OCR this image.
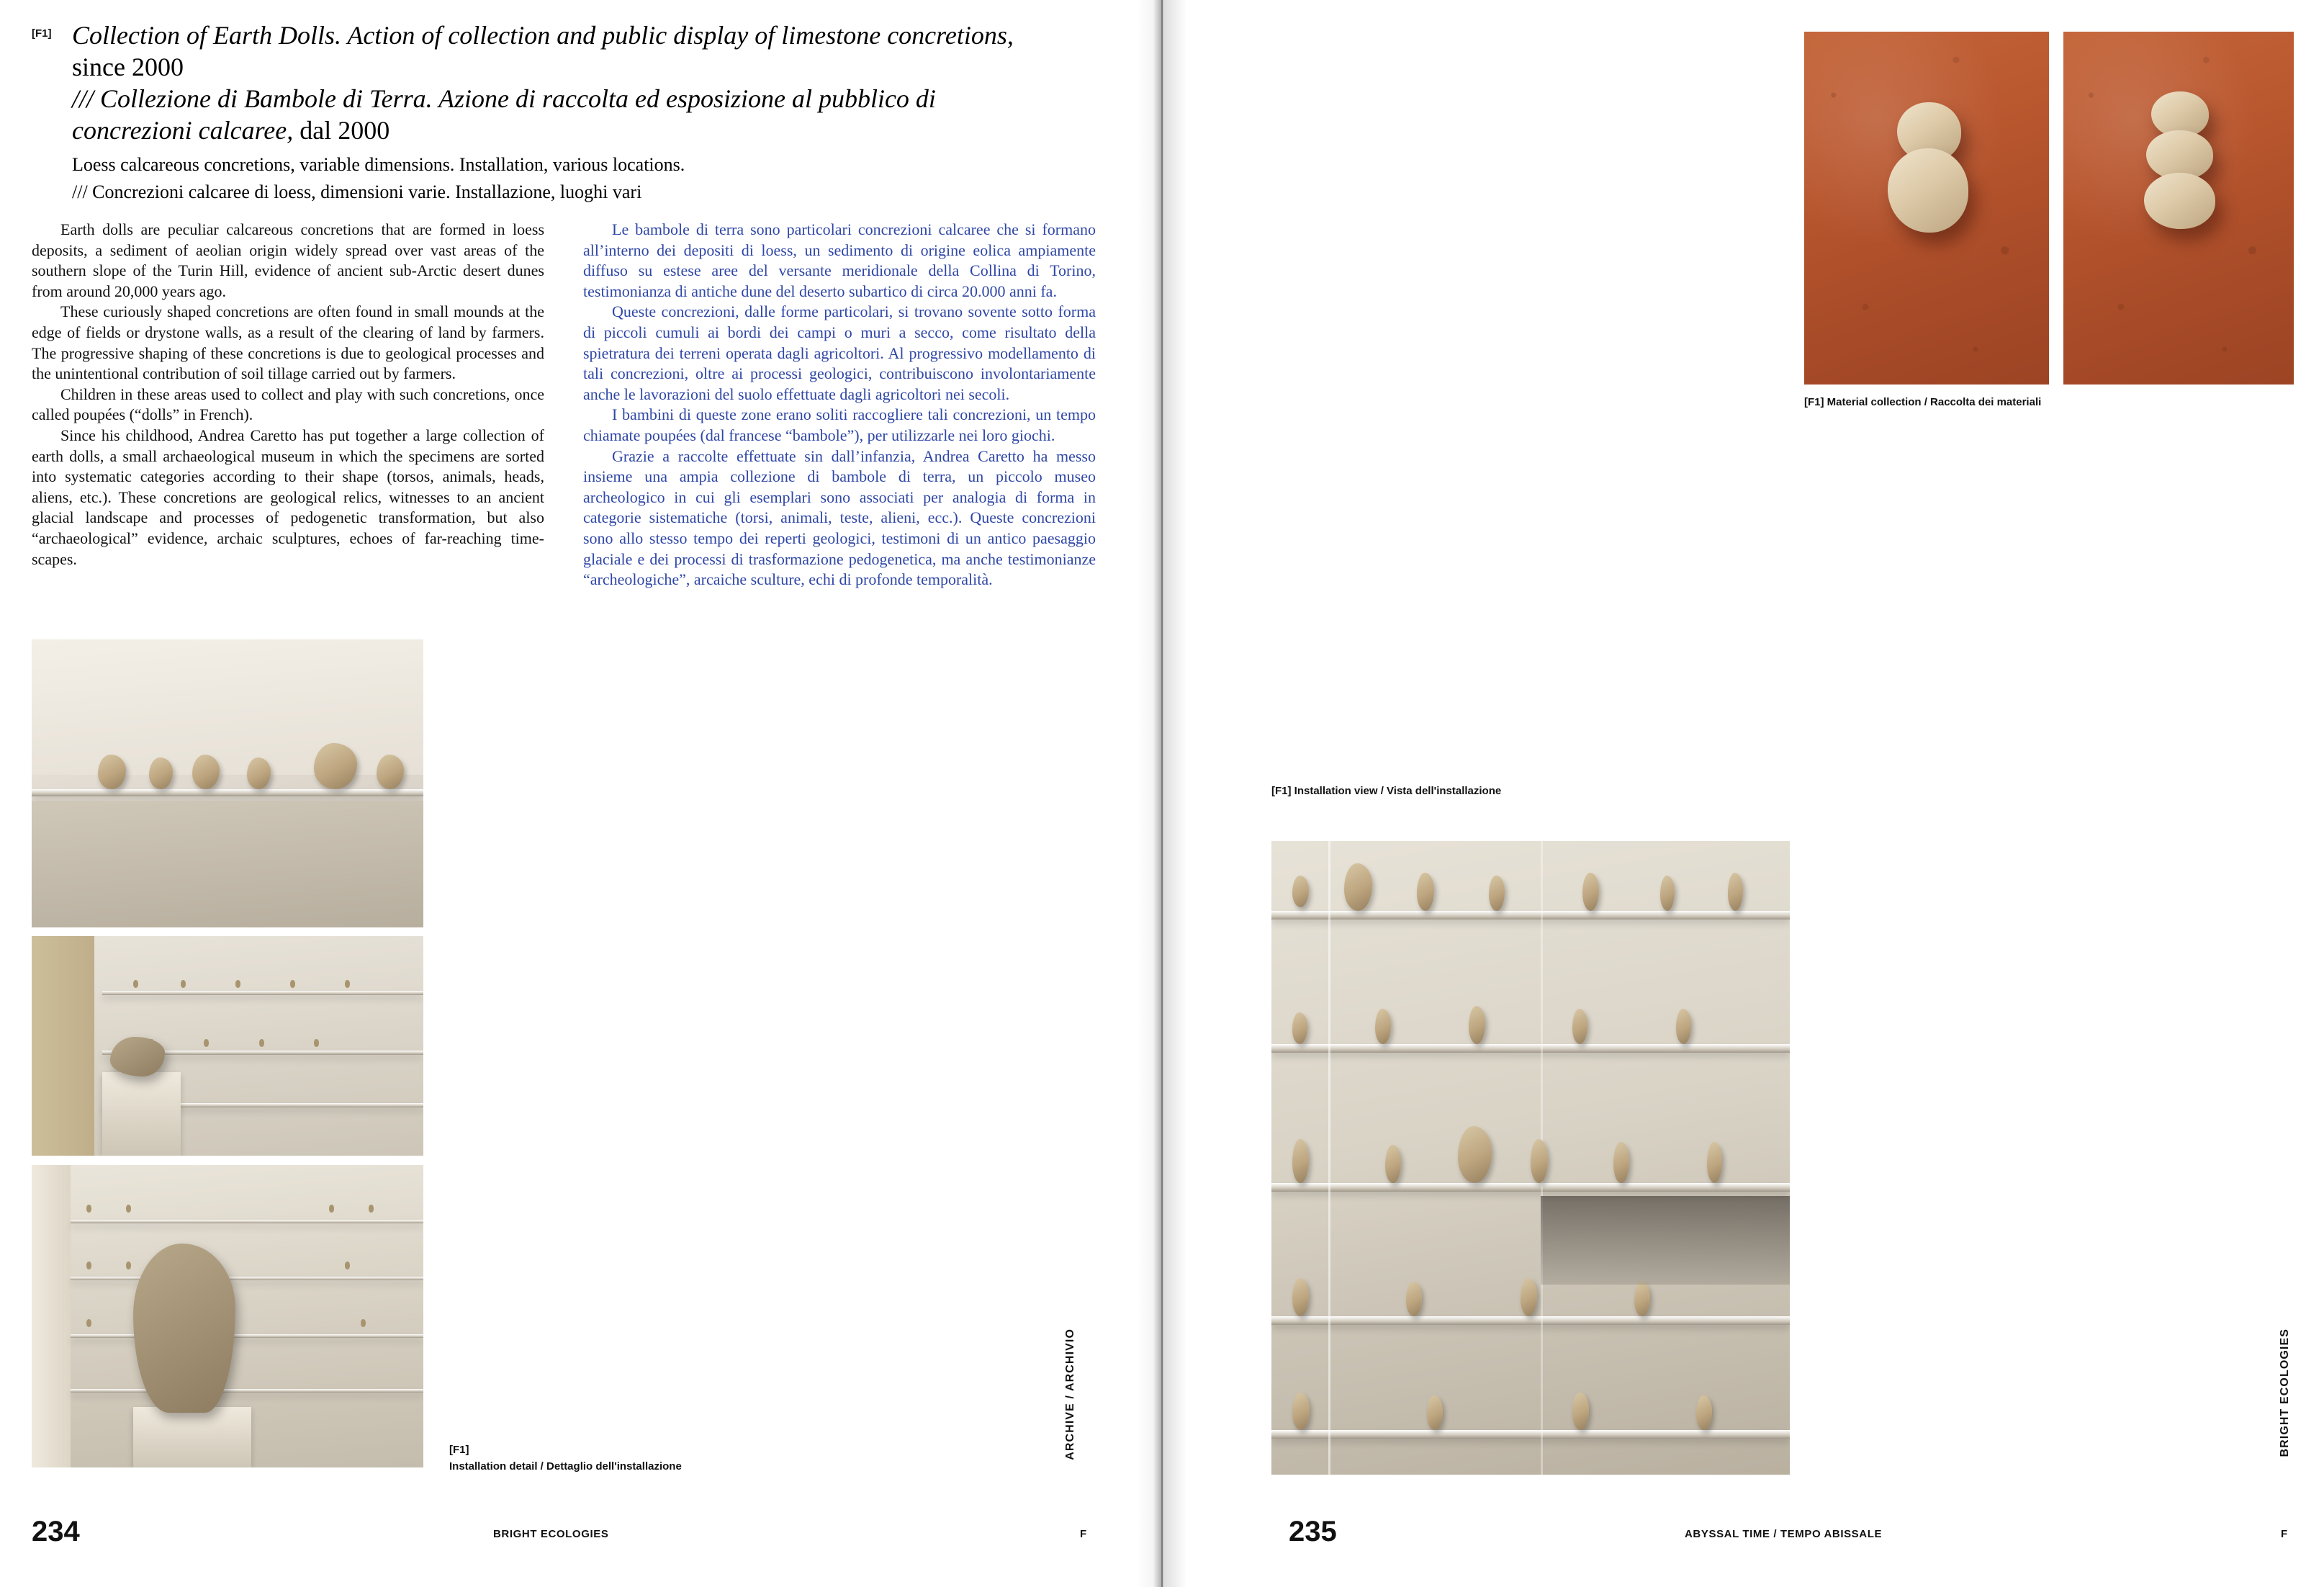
[F1] Collection of Earth Dolls. Action of collection and public display of limestone concretions, since 2000
/// Collezione di Bambole di Terra. Azione di raccolta ed esposizione al pubblico di concrezioni calcaree, dal 2000
Loess calcareous concretions, variable dimensions. Installation, various locations.
/// Concrezioni calcaree di loess, dimensioni varie. Installazione, luoghi vari

Earth dolls are peculiar calcareous concretions that are formed in loess deposits, a sediment of aeolian origin widely spread over vast areas of the southern slope of the Turin Hill, evidence of ancient sub-Arctic desert dunes from around 20,000 years ago.

These curiously shaped concretions are often found in small mounds at the edge of fields or drystone walls, as a result of the clearing of land by farmers. The progressive shaping of these concretions is due to geological processes and the unintentional contribution of soil tillage carried out by farmers.

Children in these areas used to collect and play with such concretions, once called poupées (“dolls” in French).

Since his childhood, Andrea Caretto has put together a large collection of earth dolls, a small archaeological museum in which the specimens are sorted into systematic categories according to their shape (torsos, animals, heads, aliens, etc.). These concretions are geological relics, witnesses to an ancient glacial landscape and processes of pedogenetic transformation, but also “archaeological” evidence, archaic sculptures, echoes of far-reaching time-scapes.

Le bambole di terra sono particolari concrezioni calcaree che si formano all’interno dei depositi di loess, un sedimento di origine eolica ampiamente diffuso su estese aree del versante meridionale della Collina di Torino, testimonianza di antiche dune del deserto subartico di circa 20.000 anni fa.

Queste concrezioni, dalle forme particolari, si trovano sovente sotto forma di piccoli cumuli ai bordi dei campi o muri a secco, come risultato della spietratura dei terreni operata dagli agricoltori. Al progressivo modellamento di tali concrezioni, oltre ai processi geologici, contribuiscono involontariamente anche le lavorazioni del suolo effettuate dagli agricoltori nei secoli.

I bambini di queste zone erano soliti raccogliere tali concrezioni, un tempo chiamate poupées (dal francese “bambole”), per utilizzarle nei loro giochi.

Grazie a raccolte effettuate sin dall’infanzia, Andrea Caretto ha messo insieme una ampia collezione di bambole di terra, un piccolo museo archeologico in cui gli esemplari sono associati per analogia di forma in categorie sistematiche (torsi, animali, teste, alieni, ecc.). Queste concrezioni sono allo stesso tempo dei reperti geologici, testimoni di un antico paesaggio glaciale e dei processi di trasformazione pedogenetica, ma anche testimonianze “archeologiche”, arcaiche sculture, echi di profonde temporalità.

[F1]
Installation detail / Dettaglio dell'installazione
ARCHIVE / ARCHIVIO
234	BRIGHT ECOLOGIES	F
[F1] Material collection / Raccolta dei materiali
[F1] Installation view / Vista dell'installazione
BRIGHT ECOLOGIES
235	ABYSSAL TIME / TEMPO ABISSALE	F
